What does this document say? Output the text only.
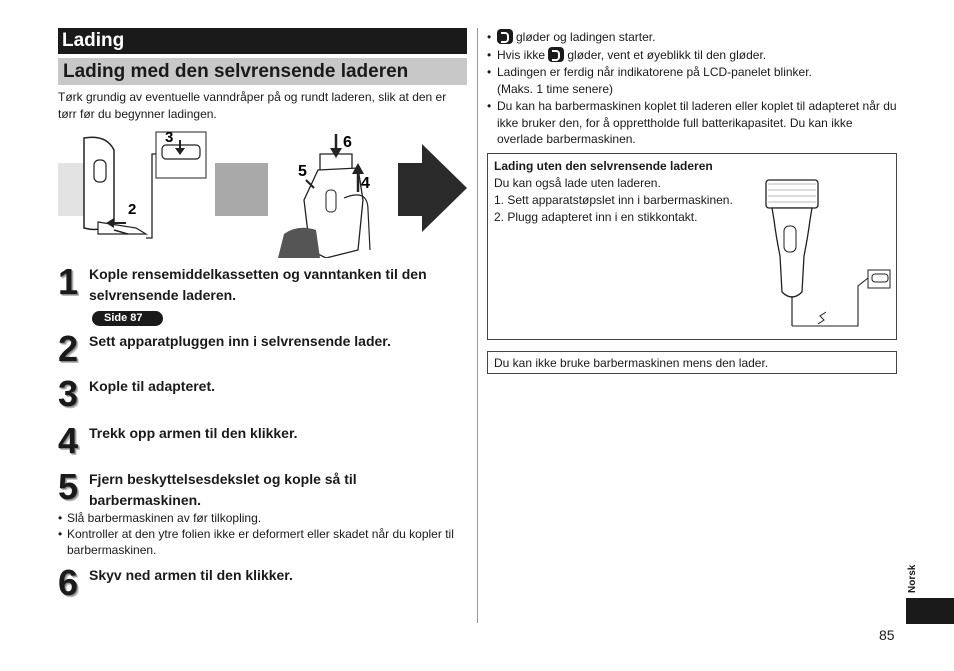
Lading
Lading med den selvrensende laderen
Tørk grundig av eventuelle vanndråper på og rundt laderen, slik at den er tørr før du begynner ladingen.
2
3	6
5
4
1 Kople rensemiddelkassetten og vanntanken til den selvrensende laderen.
Side 87
2 Sett apparatpluggen inn i selvrensende lader.
3 Kople til adapteret.
4 Trekk opp armen til den klikker.
5 Fjern beskyttelsesdekslet og kople så til barbermaskinen.
• Slå barbermaskinen av før tilkopling.
• Kontroller at den ytre folien ikke er deformert eller skadet når du kopler til barbermaskinen.
6 Skyv ned armen til den klikker.
• gløder og ladingen starter.
• Hvis ikke gløder, vent et øyeblikk til den gløder.
• Ladingen er ferdig når indikatorene på LCD-panelet blinker.
(Maks. 1 time senere)
• Du kan ha barbermaskinen koplet til laderen eller koplet til adapteret når du ikke bruker den, for å opprettholde full batterikapasitet. Du kan ikke overlade barbermaskinen.
Lading uten den selvrensende laderen
Du kan også lade uten laderen.
1. Sett apparatstøpslet inn i barbermaskinen.
2. Plugg adapteret inn i en stikkontakt.
Du kan ikke bruke barbermaskinen mens den lader.
Norsk
85
